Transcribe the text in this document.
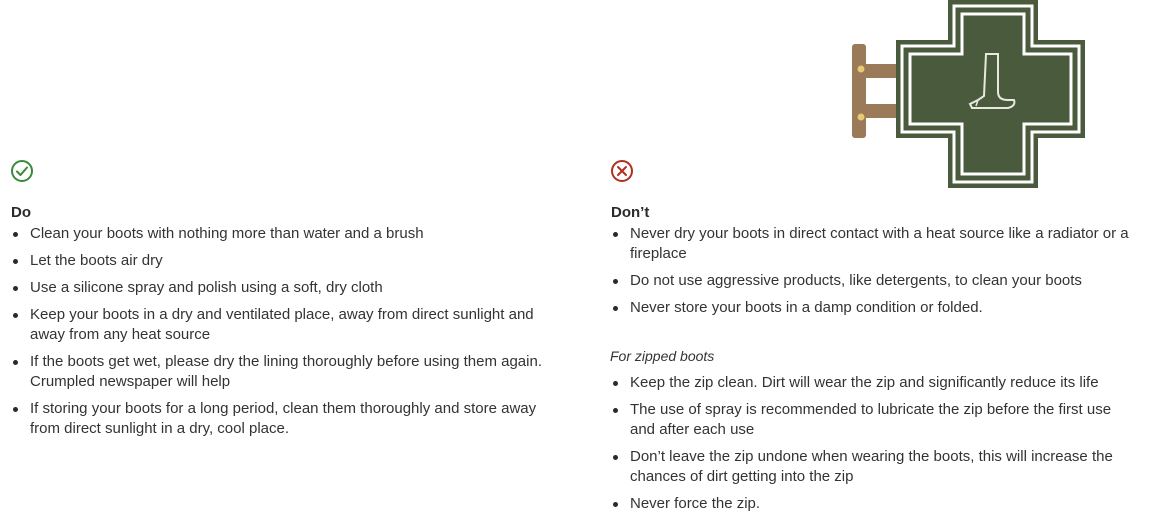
Do
Clean your boots with nothing more than water and a brush
Let the boots air dry
Use a silicone spray and polish using a soft, dry cloth
Keep your boots in a dry and ventilated place, away from direct sunlight and away from any heat source
If the boots get wet, please dry the lining thoroughly before using them again. Crumpled newspaper will help
If storing your boots for a long period, clean them thoroughly and store away from direct sunlight in a dry, cool place.
Don’t
Never dry your boots in direct contact with a heat source like a radiator or a fireplace
Do not use aggressive products, like detergents, to clean your boots
Never store your boots in a damp condition or folded.

For zipped boots

Keep the zip clean. Dirt will wear the zip and significantly reduce its life
The use of spray is recommended to lubricate the zip before the first use and after each use
Don’t leave the zip undone when wearing the boots, this will increase the chances of dirt getting into the zip
Never force the zip.
